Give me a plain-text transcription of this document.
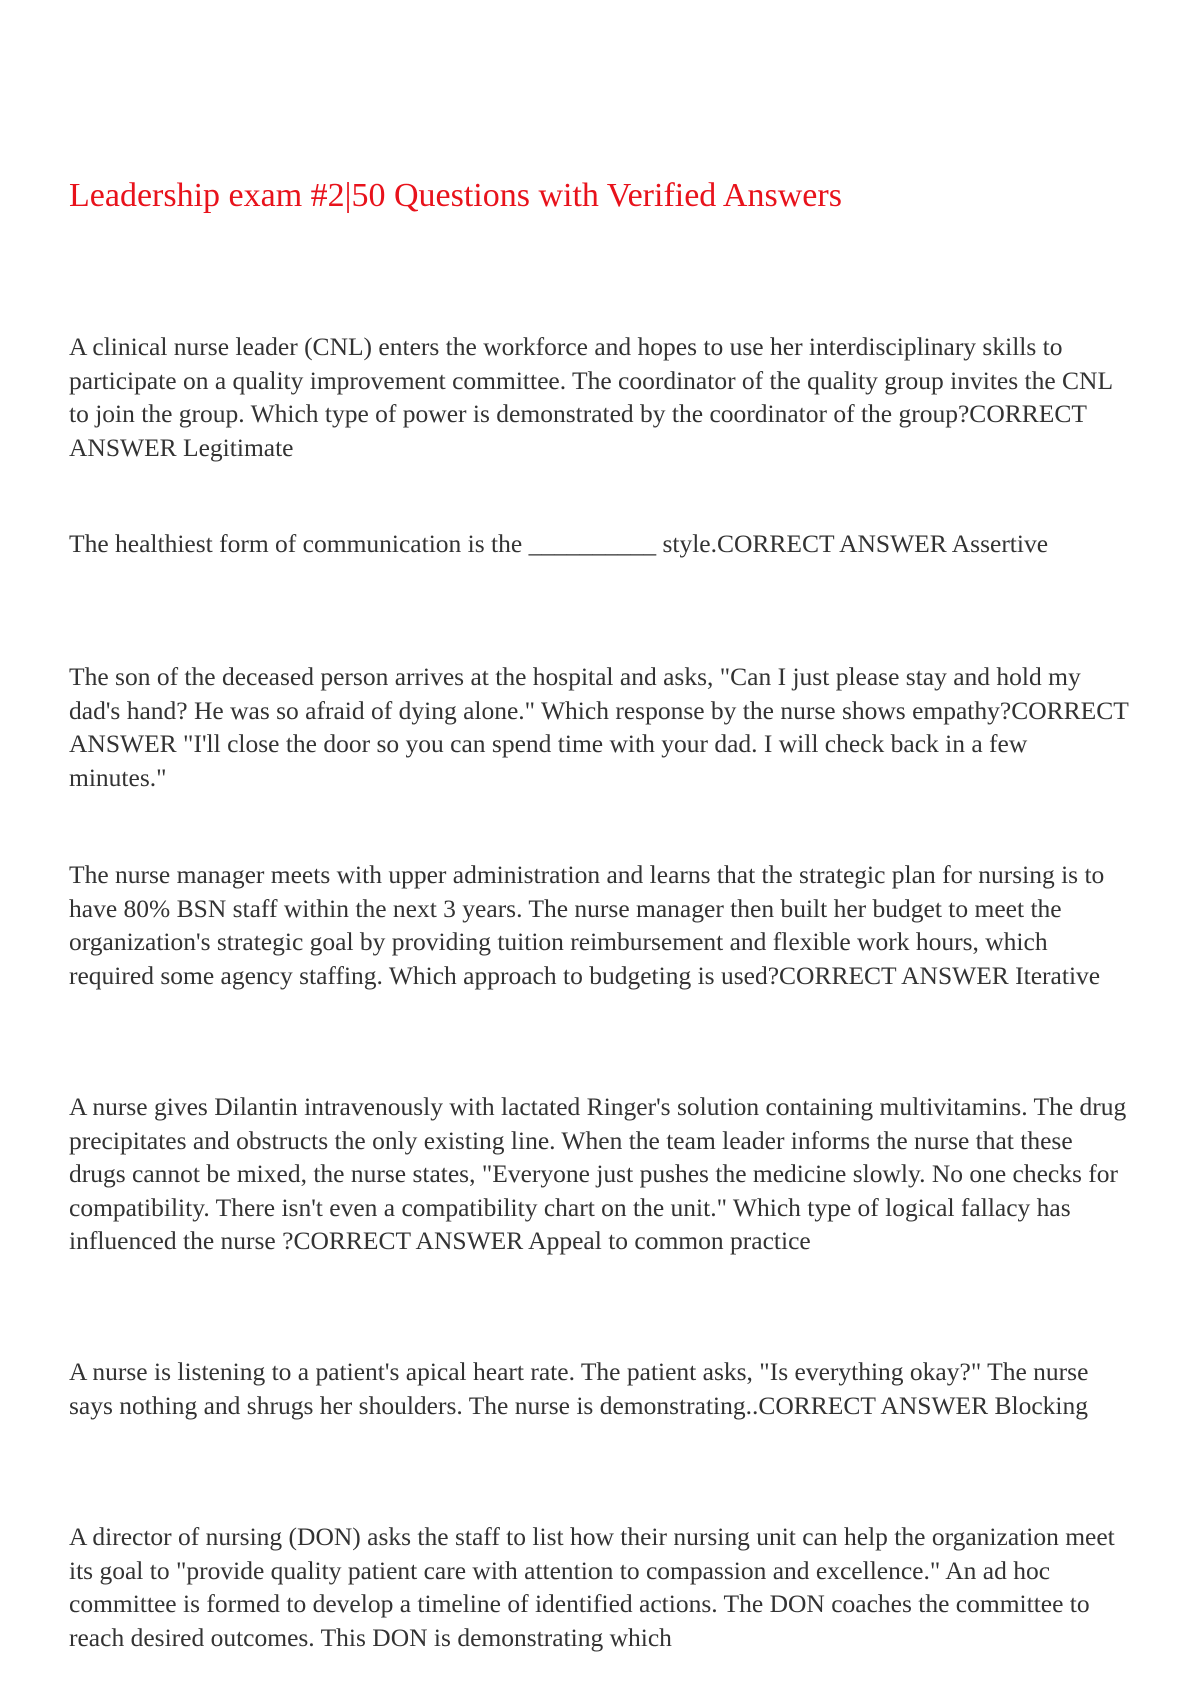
Leadership exam #2|50 Questions with Verified Answers

A clinical nurse leader (CNL) enters the workforce and hopes to use her interdisciplinary skills to participate on a quality improvement committee. The coordinator of the quality group invites the CNL to join the group. Which type of power is demonstrated by the coordinator of the group?CORRECT ANSWER Legitimate

The healthiest form of communication is the __________ style.CORRECT ANSWER Assertive

The son of the deceased person arrives at the hospital and asks, "Can I just please stay and hold my dad's hand? He was so afraid of dying alone." Which response by the nurse shows empathy?CORRECT ANSWER "I'll close the door so you can spend time with your dad. I will check back in a few minutes."

The nurse manager meets with upper administration and learns that the strategic plan for nursing is to have 80% BSN staff within the next 3 years. The nurse manager then built her budget to meet the organization's strategic goal by providing tuition reimbursement and flexible work hours, which required some agency staffing. Which approach to budgeting is used?CORRECT ANSWER Iterative

A nurse gives Dilantin intravenously with lactated Ringer's solution containing multivitamins. The drug precipitates and obstructs the only existing line. When the team leader informs the nurse that these drugs cannot be mixed, the nurse states, "Everyone just pushes the medicine slowly. No one checks for compatibility. There isn't even a compatibility chart on the unit." Which type of logical fallacy has influenced the nurse ?CORRECT ANSWER Appeal to common practice

A nurse is listening to a patient's apical heart rate. The patient asks, "Is everything okay?" The nurse says nothing and shrugs her shoulders. The nurse is demonstrating..CORRECT ANSWER Blocking

A director of nursing (DON) asks the staff to list how their nursing unit can help the organization meet its goal to "provide quality patient care with attention to compassion and excellence." An ad hoc committee is formed to develop a timeline of identified actions. The DON coaches the committee to reach desired outcomes. This DON is demonstrating which
